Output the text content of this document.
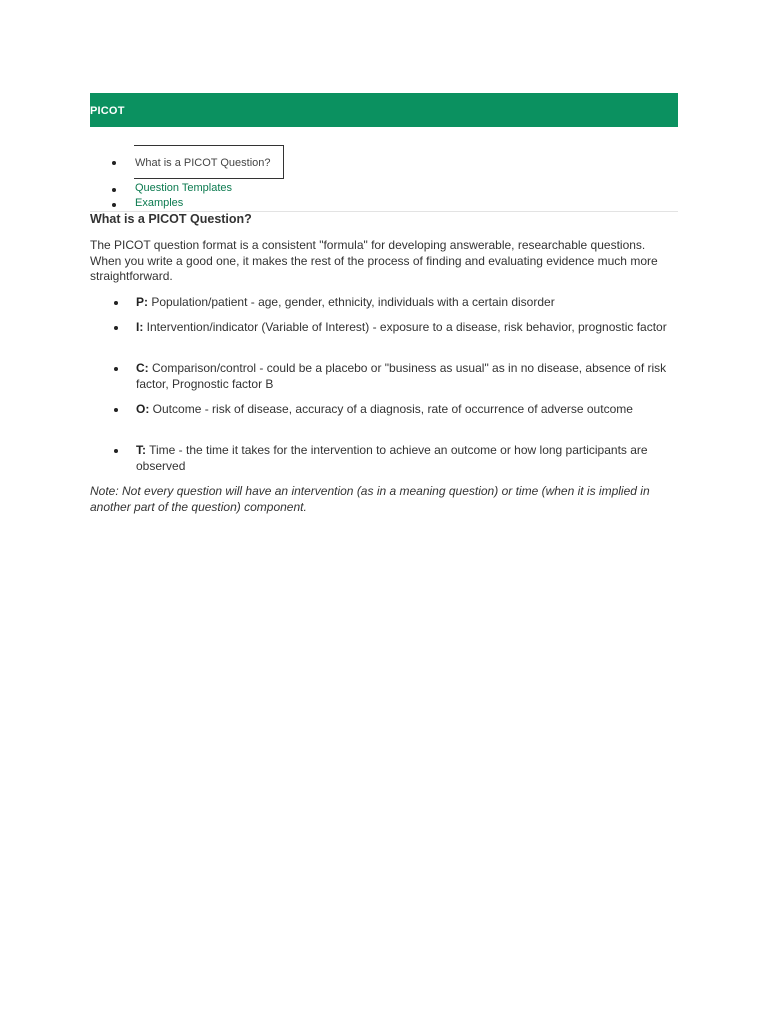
PICOT
What is a PICOT Question?
Question Templates
Examples
What is a PICOT Question?

The PICOT question format is a consistent "formula" for developing answerable, researchable questions. When you write a good one, it makes the rest of the process of finding and evaluating evidence much more straightforward.

P: Population/patient - age, gender, ethnicity, individuals with a certain disorder
I: Intervention/indicator (Variable of Interest) - exposure to a disease, risk behavior, prognostic factor
C: Comparison/control - could be a placebo or "business as usual" as in no disease, absence of risk factor, Prognostic factor B
O: Outcome - risk of disease, accuracy of a diagnosis, rate of occurrence of adverse outcome
T: Time - the time it takes for the intervention to achieve an outcome or how long participants are observed

Note: Not every question will have an intervention (as in a meaning question) or time (when it is implied in another part of the question) component.
